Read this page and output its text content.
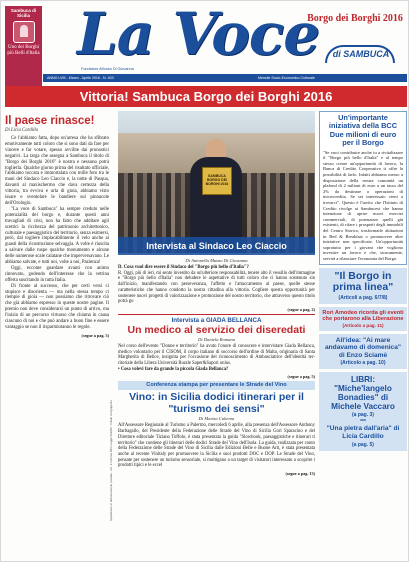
Sambuca di Sicilia
Uno dei Borghi più Belli d'Italia La Voce
Borgo dei Borghi 2016
di SAMBUCA
Fondatore Alfonso Di Giovanna
ANNO LVIII - Marzo - Aprile 2016 - N. 403	Mensile Socio-Economico-Culturale
Vittoria! Sambuca Borgo dei Borghi 2016
Il paese rinasce!
Di Licia Cardillo

Ce l'abbiamo fatta, dopo un'arresa che ha sfibrato emotivamente tutti coloro che si sono dati da fare per vincere e far votare, spesso avvilite dai pronostici negativi. La targa che assegna a Sambuca il titolo di "Borgo dei Borghi 2016" è nostra e nessuno potrà toglierla. Qualche giorno prima del risultato ufficiale, l'abbiamo toccata e immortalata con mille foto tra le mani del Sindaco Leo Ciaccio e, la notte di Pasqua, davanti al maxischermo che dava certezza della vittoria, tra evviva e urla di gioia, abbiamo visto issare e sventolare le bandiere sul pinnacole dell'Orologio.

"La voce di Sambuca" ha sempre creduto nelle potenzialità del borgo e, durante questi anni travagliati di crisi, non ha fatto che additare agli scettici la ricchezza del patrimonio architettonico, culturale e paesaggistico del territorio, senza esimersi, però, dal togliere implacabilmente il velo anche ai guasti della ricostruzione selvaggia. A volte è riuscita a salvare dalle ruspe qualche monumento e alcune delle numerose scale calatane che imperversavano. Le abbiamo salvate, e tutti noi, volte a noi, Pazienza!

Oggi, eccome guardare avanti con animo rinnovato, godendo dell'interesse che la vetrina offerta suscitando in tutta Italia.

Di fronte al successo, che per certi versi ci stupisce e disorienta — ma nella stessa tempo ci riempie di gioia — non possiamo che ritrovare ciò che già abbiamo espresso in queste nostre pagine. Il premio non deve considerarsi un punto di arrivo, ma l'inizio di un percorso virtuoso che chiama in causa ciascuno di noi e che può andare a buon fine e essere vantaggio se non il risparmiotanno le regole.

(segue a pag. 3)
Spedizione in abbonamento postale - Art. 2 comma 20/c Legge 662/96 - Filiale di Agrigento
SAMBUCA BORGO DEI BORGHI 2016
Intervista al Sindaco Leo Ciaccio
Di Antonella Munzo Di Giovanna
D. Cosa vuol dire essere il Sindaco del "Borgo più bello d'Italia"?
R. Oggi, più di ieri, mi sento investito da un'ulteriore responsabilità, tenere alto il vessillo dell'immagine e "Borgo più bello d'Italia" non deludere le aspettative di tutti coloro che ci hanno sostenuto sin dall'inizio, manifestando con perseveranza, l'affetto e l'attaccamento al paese, quelle stesse caratteristiche che hanno condotto la nostra cittadina alla vittoria. Cogliere questa opportunità per sostenere nuovi progetti di valorizzazione e promozione del nostro territorio, che attraverso questo titolo potrà go
(segue a pag. 2)
Intervista a GIADA BELLANCA
Un medico al servizio dei diseredati
Di Daniela Romana
Nel corso dell'evento "Donne e territorio" ha avuto l'onore di conoscere e intervistare Giada Bellanca, medico volontario per il CISOM, il corpo italiano di soccorso dell'ordine di Malta, originaria di Santa Margherita di Belice, insignita per l'occasione del riconoscimento di Ambasciatrice dell'identità territoriale della Libera Università Rurale Saper&Sapori onlus.
• Cosa volevi fare da grande la piccola Giada Bellanca?
(segue a pag. 5)
Conferenza stampa per presentare le Strade del Vino
Vino: in Sicilia dodici itinerari per il "turismo dei sensi"
Di Mariza Cuberza
All'Assessore Regionale al Turismo a Palermo, mercoledì 6 aprile, alla presenza dell'Assessore Anthony Barbagallo, del Presidente della Federazione delle Strade del Vino di Sicilia Gori Sparacino e del Direttore editoriale Tiziano Toffolo, è stata presentata la guida "Slowbook, paesaggistiche e itinerari ti territorio" che contiene gli itinerari delle dodici Strade del Vino dell'Isola. La guida, realizzata per conto della Federazione delle Strade del Vino di Sicilia dalle Edizioni Belle e Buone Arti, è stata presentata anche al recente Vinitaly per promuovere la Sicilia e suoi prodotti DOC e DOP. Le Strade del Vino, pensate per sostenere un turismo sensoriale, si moltigano a un target di visitatori interessato a scoprire i prodotti tipici e le eccel
(segue a pag. 13)
Un'importante iniziativa della BCC Due milioni di euro per il Borgo
"Se vuoi contribuire anche tu a rivitalizzare il "Borgo più bello d'Italia" e al tempo stesso creare un'opportunità di lavoro, la Banca di Credito Cooperativo ti offre la possibilità di farlo. Infatti abbiamo messo a disposizione della nostra comunità un plafond di 2 milioni di euro a un tasso del 2% da destinare a operazioni di microcredito. Se sei interessato vieni a trovarci". Questo è l'invito che l'Istituto di Credito rivolge ai Sambucesi che hanno intenzione di aprire nuovi esercizi commerciali, di potenziare quelli già esistenti, di rifare i prospetti degli immobili del Centro Storico, trasformarle abitazioni in Bed & Breakfast o promuovere altre iniziative non specificate. Un'opportunità sopratutto per i giovani che vogliono investire un lavoro e che, sicuramente, servirà a rilanciare l'economia del Borgo.
"Il Borgo in prima linea"
(Articoli a pag. 6/7/8)
Rori Amodeo ricorda gli eventi che portarono alla Liberazione
(Articolo a pag. 11)
All'idea: "Ai mare andavamo di domenica" di Enzo Sciamè
(Articolo a pag. 10)
LIBRI: "Miche'langelo Bonadies" di Michele Vaccaro
(a pag. 3)
***
"Una pietra dall'aria" di Licia Cardillo
(a pag. 5)
